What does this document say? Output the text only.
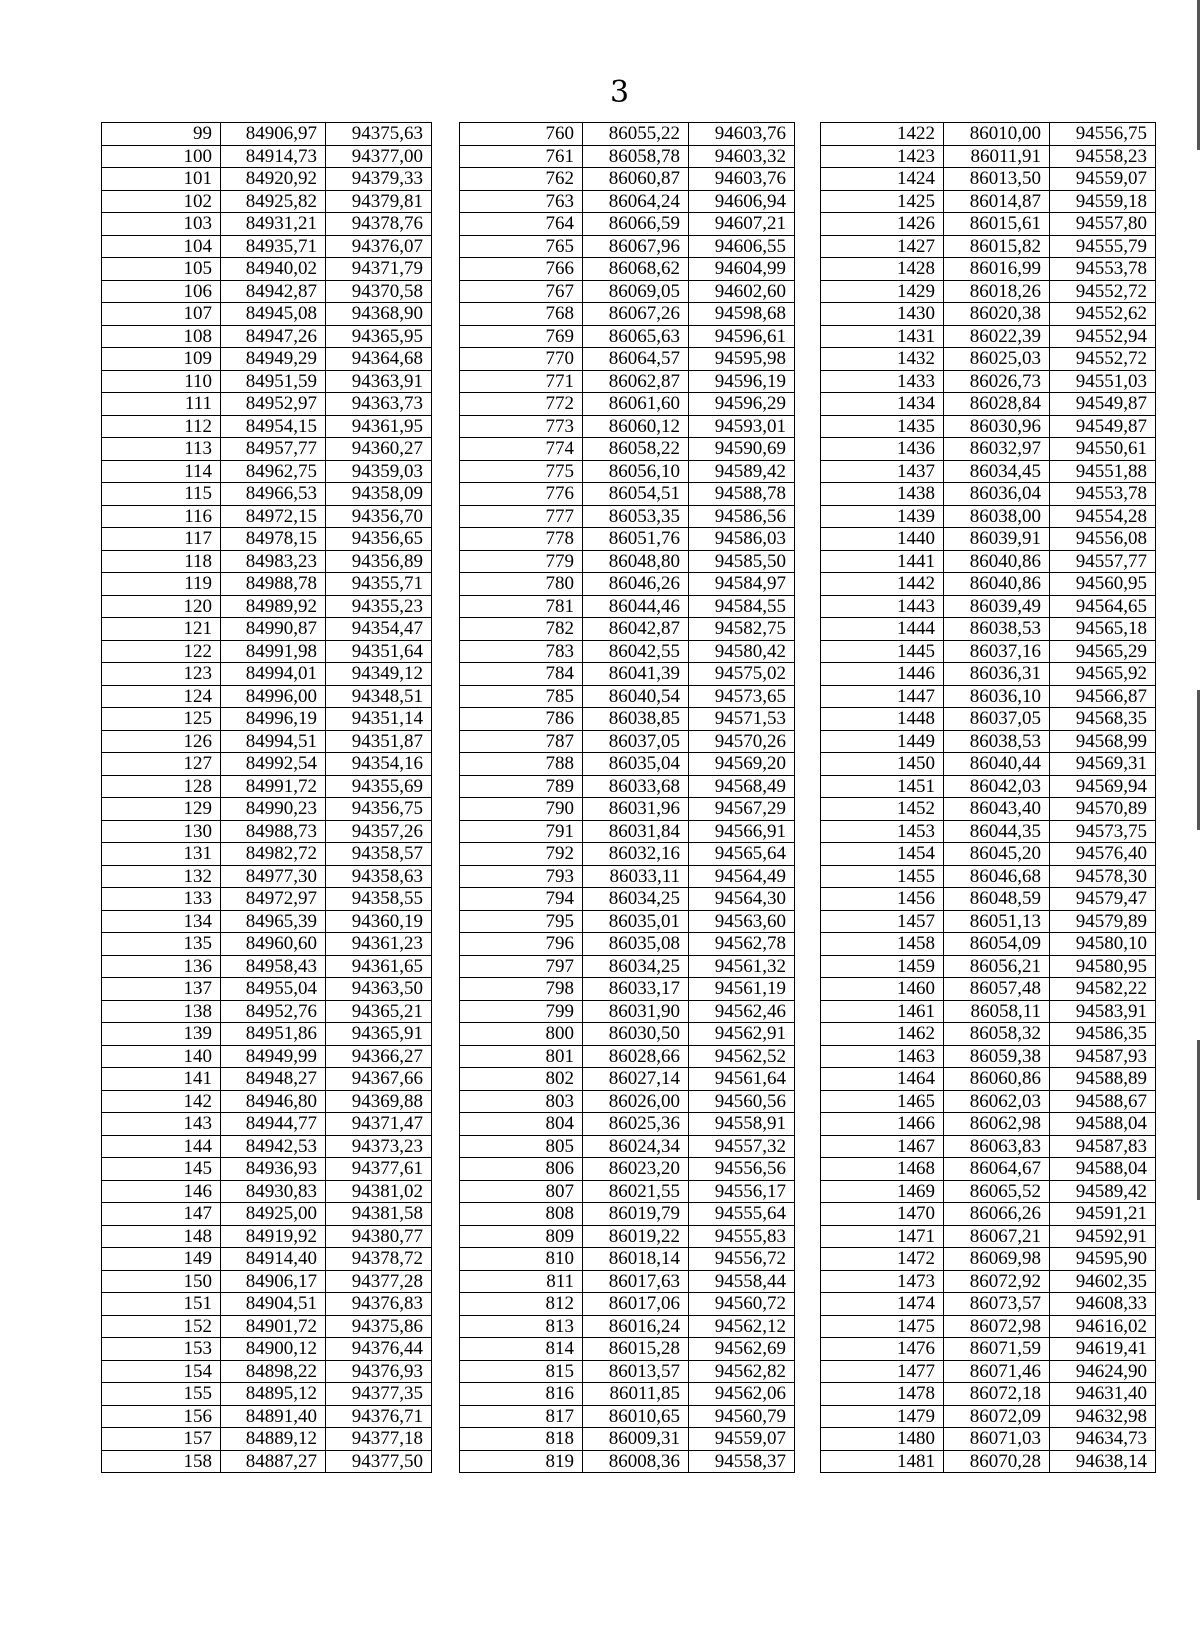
3
99	84906,97	94375,63
100	84914,73	94377,00
101	84920,92	94379,33
102	84925,82	94379,81
103	84931,21	94378,76
104	84935,71	94376,07
105	84940,02	94371,79
106	84942,87	94370,58
107	84945,08	94368,90
108	84947,26	94365,95
109	84949,29	94364,68
110	84951,59	94363,91
111	84952,97	94363,73
112	84954,15	94361,95
113	84957,77	94360,27
114	84962,75	94359,03
115	84966,53	94358,09
116	84972,15	94356,70
117	84978,15	94356,65
118	84983,23	94356,89
119	84988,78	94355,71
120	84989,92	94355,23
121	84990,87	94354,47
122	84991,98	94351,64
123	84994,01	94349,12
124	84996,00	94348,51
125	84996,19	94351,14
126	84994,51	94351,87
127	84992,54	94354,16
128	84991,72	94355,69
129	84990,23	94356,75
130	84988,73	94357,26
131	84982,72	94358,57
132	84977,30	94358,63
133	84972,97	94358,55
134	84965,39	94360,19
135	84960,60	94361,23
136	84958,43	94361,65
137	84955,04	94363,50
138	84952,76	94365,21
139	84951,86	94365,91
140	84949,99	94366,27
141	84948,27	94367,66
142	84946,80	94369,88
143	84944,77	94371,47
144	84942,53	94373,23
145	84936,93	94377,61
146	84930,83	94381,02
147	84925,00	94381,58
148	84919,92	94380,77
149	84914,40	94378,72
150	84906,17	94377,28
151	84904,51	94376,83
152	84901,72	94375,86
153	84900,12	94376,44
154	84898,22	94376,93
155	84895,12	94377,35
156	84891,40	94376,71
157	84889,12	94377,18
158	84887,27	94377,50
760	86055,22	94603,76
761	86058,78	94603,32
762	86060,87	94603,76
763	86064,24	94606,94
764	86066,59	94607,21
765	86067,96	94606,55
766	86068,62	94604,99
767	86069,05	94602,60
768	86067,26	94598,68
769	86065,63	94596,61
770	86064,57	94595,98
771	86062,87	94596,19
772	86061,60	94596,29
773	86060,12	94593,01
774	86058,22	94590,69
775	86056,10	94589,42
776	86054,51	94588,78
777	86053,35	94586,56
778	86051,76	94586,03
779	86048,80	94585,50
780	86046,26	94584,97
781	86044,46	94584,55
782	86042,87	94582,75
783	86042,55	94580,42
784	86041,39	94575,02
785	86040,54	94573,65
786	86038,85	94571,53
787	86037,05	94570,26
788	86035,04	94569,20
789	86033,68	94568,49
790	86031,96	94567,29
791	86031,84	94566,91
792	86032,16	94565,64
793	86033,11	94564,49
794	86034,25	94564,30
795	86035,01	94563,60
796	86035,08	94562,78
797	86034,25	94561,32
798	86033,17	94561,19
799	86031,90	94562,46
800	86030,50	94562,91
801	86028,66	94562,52
802	86027,14	94561,64
803	86026,00	94560,56
804	86025,36	94558,91
805	86024,34	94557,32
806	86023,20	94556,56
807	86021,55	94556,17
808	86019,79	94555,64
809	86019,22	94555,83
810	86018,14	94556,72
811	86017,63	94558,44
812	86017,06	94560,72
813	86016,24	94562,12
814	86015,28	94562,69
815	86013,57	94562,82
816	86011,85	94562,06
817	86010,65	94560,79
818	86009,31	94559,07
819	86008,36	94558,37
1422	86010,00	94556,75
1423	86011,91	94558,23
1424	86013,50	94559,07
1425	86014,87	94559,18
1426	86015,61	94557,80
1427	86015,82	94555,79
1428	86016,99	94553,78
1429	86018,26	94552,72
1430	86020,38	94552,62
1431	86022,39	94552,94
1432	86025,03	94552,72
1433	86026,73	94551,03
1434	86028,84	94549,87
1435	86030,96	94549,87
1436	86032,97	94550,61
1437	86034,45	94551,88
1438	86036,04	94553,78
1439	86038,00	94554,28
1440	86039,91	94556,08
1441	86040,86	94557,77
1442	86040,86	94560,95
1443	86039,49	94564,65
1444	86038,53	94565,18
1445	86037,16	94565,29
1446	86036,31	94565,92
1447	86036,10	94566,87
1448	86037,05	94568,35
1449	86038,53	94568,99
1450	86040,44	94569,31
1451	86042,03	94569,94
1452	86043,40	94570,89
1453	86044,35	94573,75
1454	86045,20	94576,40
1455	86046,68	94578,30
1456	86048,59	94579,47
1457	86051,13	94579,89
1458	86054,09	94580,10
1459	86056,21	94580,95
1460	86057,48	94582,22
1461	86058,11	94583,91
1462	86058,32	94586,35
1463	86059,38	94587,93
1464	86060,86	94588,89
1465	86062,03	94588,67
1466	86062,98	94588,04
1467	86063,83	94587,83
1468	86064,67	94588,04
1469	86065,52	94589,42
1470	86066,26	94591,21
1471	86067,21	94592,91
1472	86069,98	94595,90
1473	86072,92	94602,35
1474	86073,57	94608,33
1475	86072,98	94616,02
1476	86071,59	94619,41
1477	86071,46	94624,90
1478	86072,18	94631,40
1479	86072,09	94632,98
1480	86071,03	94634,73
1481	86070,28	94638,14
